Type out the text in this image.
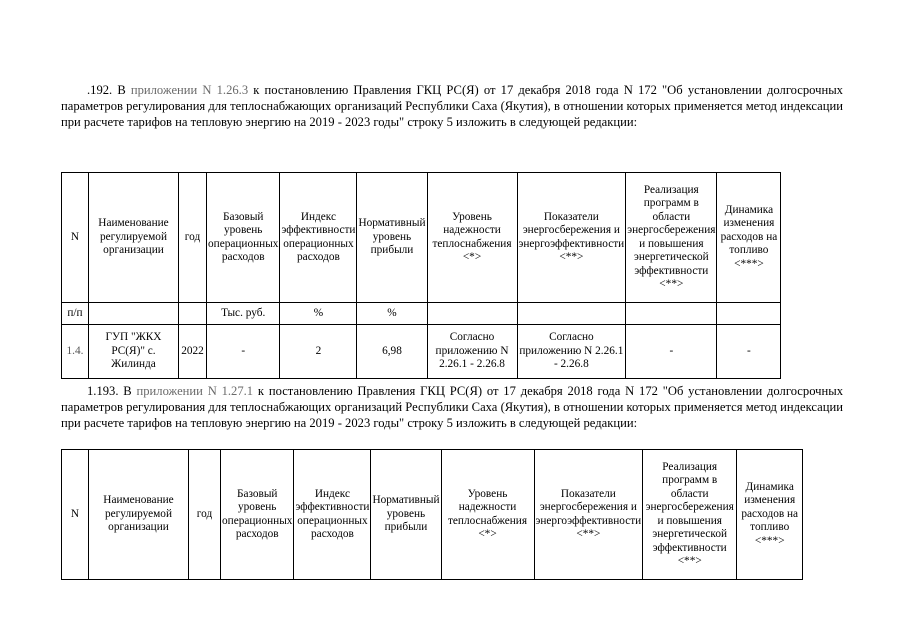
.192. В приложении N 1.26.3 к постановлению Правления ГКЦ РС(Я) от 17 декабря 2018 года N 172 "Об установлении долгосрочных параметров регулирования для теплоснабжающих организаций Республики Саха (Якутия), в отношении которых применяется метод индексации при расчете тарифов на тепловую энергию на 2019 - 2023 годы" строку 5 изложить в следующей редакции:

N	Наименование регулируемой организации	год	Базовый уровень операционных расходов	Индекс эффективности операционных расходов	Нормативный уровень прибыли	Уровень надежности теплоснабжения <*>	Показатели энергосбережения и энергоэффективности <**>	Реализация программ в области энергосбережения и повышения энергетической эффективности <**>	Динамика изменения расходов на топливо <***>
п/п			Тыс. руб.	%	%				
1.4.	ГУП "ЖКХ РС(Я)" с. Жилинда	2022	-	2	6,98	Согласно приложению N 2.26.1 - 2.26.8	Согласно приложению N 2.26.1 - 2.26.8	-	-

1.193. В приложении N 1.27.1 к постановлению Правления ГКЦ РС(Я) от 17 декабря 2018 года N 172 "Об установлении долгосрочных параметров регулирования для теплоснабжающих организаций Республики Саха (Якутия), в отношении которых применяется метод индексации при расчете тарифов на тепловую энергию на 2019 - 2023 годы" строку 5 изложить в следующей редакции:

N	Наименование регулируемой организации	год	Базовый уровень операционных расходов	Индекс эффективности операционных расходов	Нормативный уровень прибыли	Уровень надежности теплоснабжения <*>	Показатели энергосбережения и энергоэффективности <**>	Реализация программ в области энергосбережения и повышения энергетической эффективности <**>	Динамика изменения расходов на топливо <***>
